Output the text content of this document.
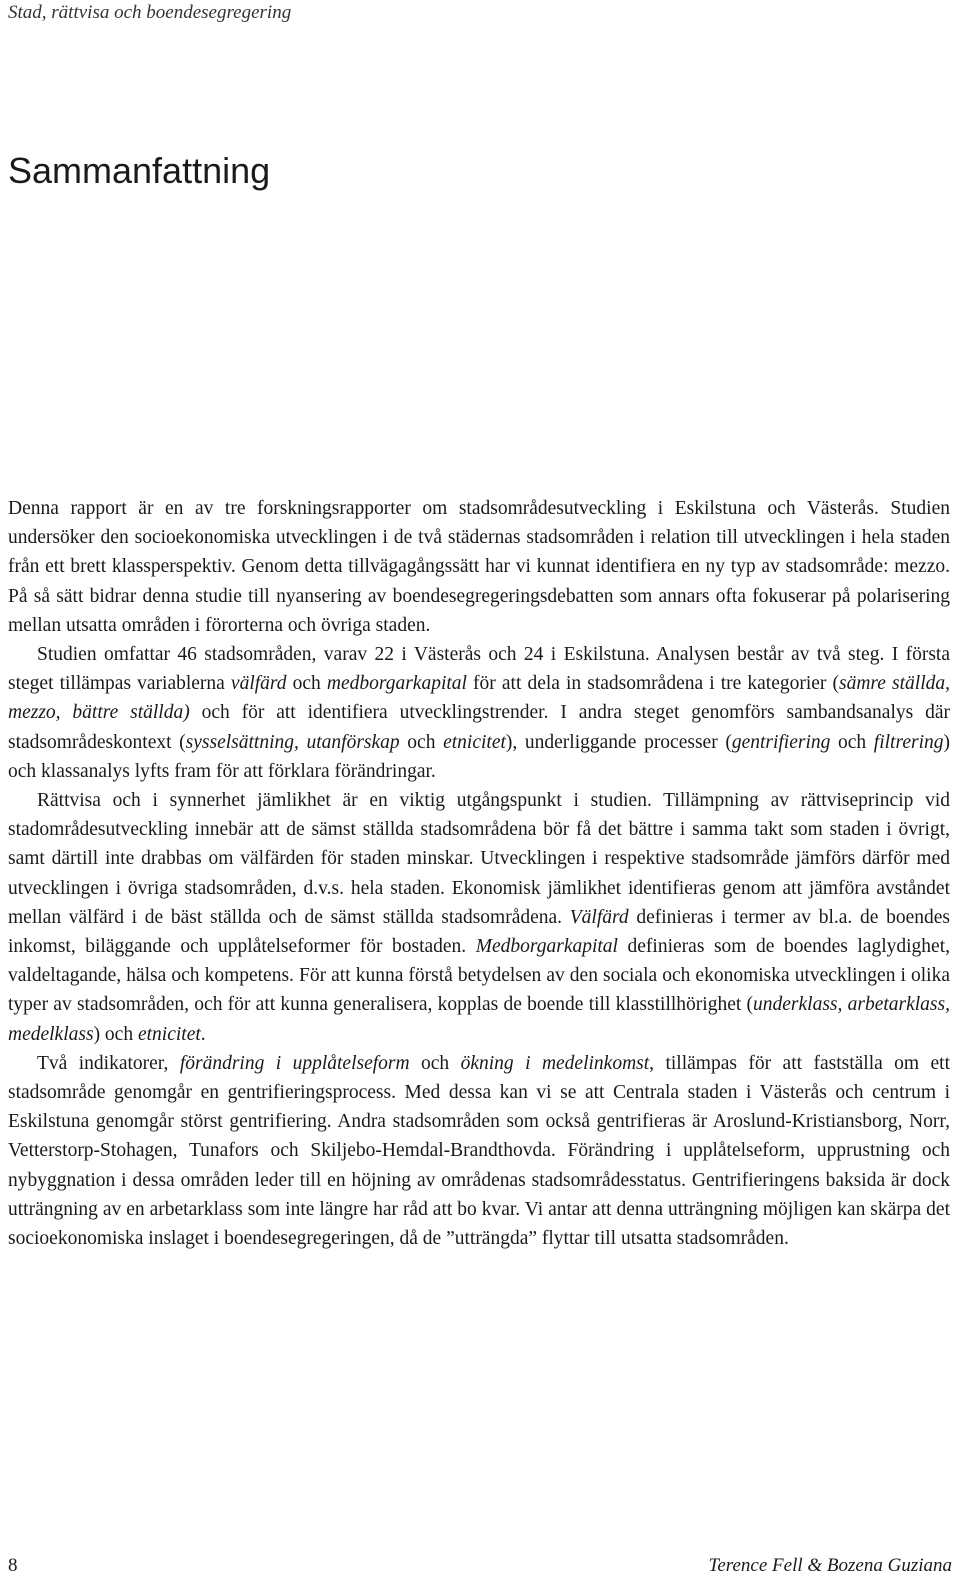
Stad, rättvisa och boendesegregering
Sammanfattning

Denna rapport är en av tre forskningsrapporter om stadsområdesutveckling i Eskilstuna och Västerås. Studien undersöker den socioekonomiska utvecklingen i de två städernas stadsområden i relation till utvecklingen i hela staden från ett brett klassperspektiv. Genom detta tillvägagångssätt har vi kunnat identifiera en ny typ av stadsområde: mezzo. På så sätt bidrar denna studie till nyansering av boendesegregeringsdebatten som annars ofta fokuserar på polarisering mellan utsatta områden i förorterna och övriga staden.

Studien omfattar 46 stadsområden, varav 22 i Västerås och 24 i Eskilstuna. Analysen består av två steg. I första steget tillämpas variablerna välfärd och medborgarkapital för att dela in stadsområdena i tre kategorier (sämre ställda, mezzo, bättre ställda) och för att identifiera utvecklingstrender. I andra steget genomförs sambandsanalys där stadsområdeskontext (sysselsättning, utanförskap och etnicitet), underliggande processer (gentrifiering och filtrering) och klassanalys lyfts fram för att förklara förändringar.

Rättvisa och i synnerhet jämlikhet är en viktig utgångspunkt i studien. Tillämpning av rättviseprincip vid stadområdesutveckling innebär att de sämst ställda stadsområdena bör få det bättre i samma takt som staden i övrigt, samt därtill inte drabbas om välfärden för staden minskar. Utvecklingen i respektive stadsområde jämförs därför med utvecklingen i övriga stadsområden, d.v.s. hela staden. Ekonomisk jämlikhet identifieras genom att jämföra avståndet mellan välfärd i de bäst ställda och de sämst ställda stadsområdena. Välfärd definieras i termer av bl.a. de boendes inkomst, biläggande och upplåtelseformer för bostaden. Medborgarkapital definieras som de boendes laglydighet, valdeltagande, hälsa och kompetens. För att kunna förstå betydelsen av den sociala och ekonomiska utvecklingen i olika typer av stadsområden, och för att kunna generalisera, kopplas de boende till klasstillhörighet (underklass, arbetarklass, medelklass) och etnicitet.

Två indikatorer, förändring i upplåtelseform och ökning i medelinkomst, tillämpas för att fastställa om ett stadsområde genomgår en gentrifieringsprocess. Med dessa kan vi se att Centrala staden i Västerås och centrum i Eskilstuna genomgår störst gentrifiering. Andra stadsområden som också gentrifieras är Aroslund-Kristiansborg, Norr, Vetterstorp-Stohagen, Tunafors och Skiljebo-Hemdal-Brandthovda. Förändring i upplåtelseform, upprustning och nybyggnation i dessa områden leder till en höjning av områdenas stadsområdesstatus. Gentrifieringens baksida är dock utträngning av en arbetarklass som inte längre har råd att bo kvar. Vi antar att denna utträngning möjligen kan skärpa det socioekonomiska inslaget i boendesegregeringen, då de ”utträngda” flyttar till utsatta stadsområden.

8	Terence Fell & Bozena Guziana
